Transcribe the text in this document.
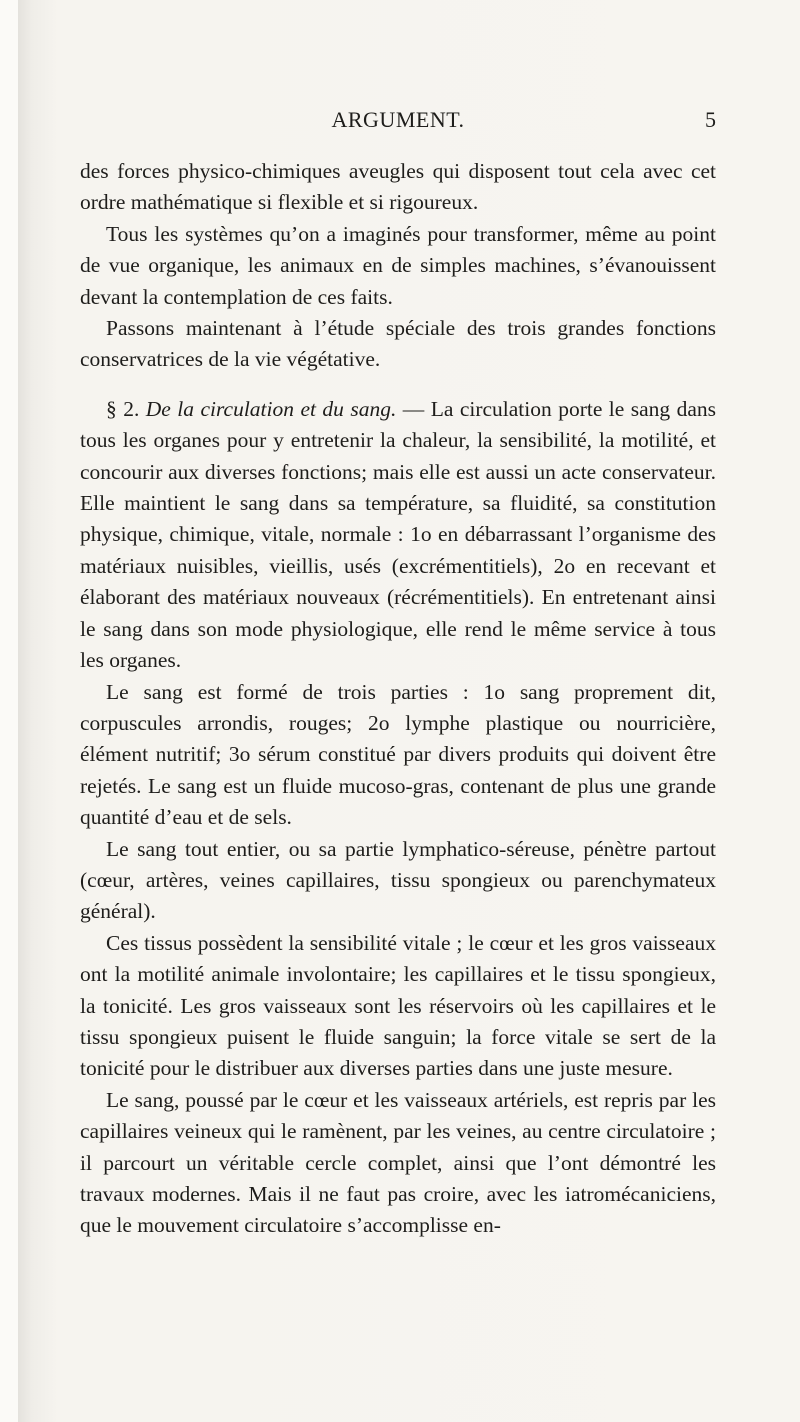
ARGUMENT.	5

des forces physico-chimiques aveugles qui disposent tout cela avec cet ordre mathématique si flexible et si rigoureux.

Tous les systèmes qu’on a imaginés pour transformer, même au point de vue organique, les animaux en de simples machines, s’évanouissent devant la contemplation de ces faits.

Passons maintenant à l’étude spéciale des trois grandes fonctions conservatrices de la vie végétative.

§ 2. De la circulation et du sang. — La circulation porte le sang dans tous les organes pour y entretenir la chaleur, la sensibilité, la motilité, et concourir aux diverses fonctions; mais elle est aussi un acte conservateur. Elle maintient le sang dans sa température, sa fluidité, sa constitution physique, chimique, vitale, normale : 1o en débarrassant l’organisme des matériaux nuisibles, vieillis, usés (excrémentitiels), 2o en recevant et élaborant des matériaux nouveaux (récrémentitiels). En entretenant ainsi le sang dans son mode physiologique, elle rend le même service à tous les organes.

Le sang est formé de trois parties : 1o sang proprement dit, corpuscules arrondis, rouges; 2o lymphe plastique ou nourricière, élément nutritif; 3o sérum constitué par divers produits qui doivent être rejetés. Le sang est un fluide mucoso-gras, contenant de plus une grande quantité d’eau et de sels.

Le sang tout entier, ou sa partie lymphatico-séreuse, pénètre partout (cœur, artères, veines capillaires, tissu spongieux ou parenchymateux général).

Ces tissus possèdent la sensibilité vitale ; le cœur et les gros vaisseaux ont la motilité animale involontaire; les capillaires et le tissu spongieux, la tonicité. Les gros vaisseaux sont les réservoirs où les capillaires et le tissu spongieux puisent le fluide sanguin; la force vitale se sert de la tonicité pour le distribuer aux diverses parties dans une juste mesure.

Le sang, poussé par le cœur et les vaisseaux artériels, est repris par les capillaires veineux qui le ramènent, par les veines, au centre circulatoire ; il parcourt un véritable cercle complet, ainsi que l’ont démontré les travaux modernes. Mais il ne faut pas croire, avec les iatromécaniciens, que le mouvement circulatoire s’accomplisse en-
